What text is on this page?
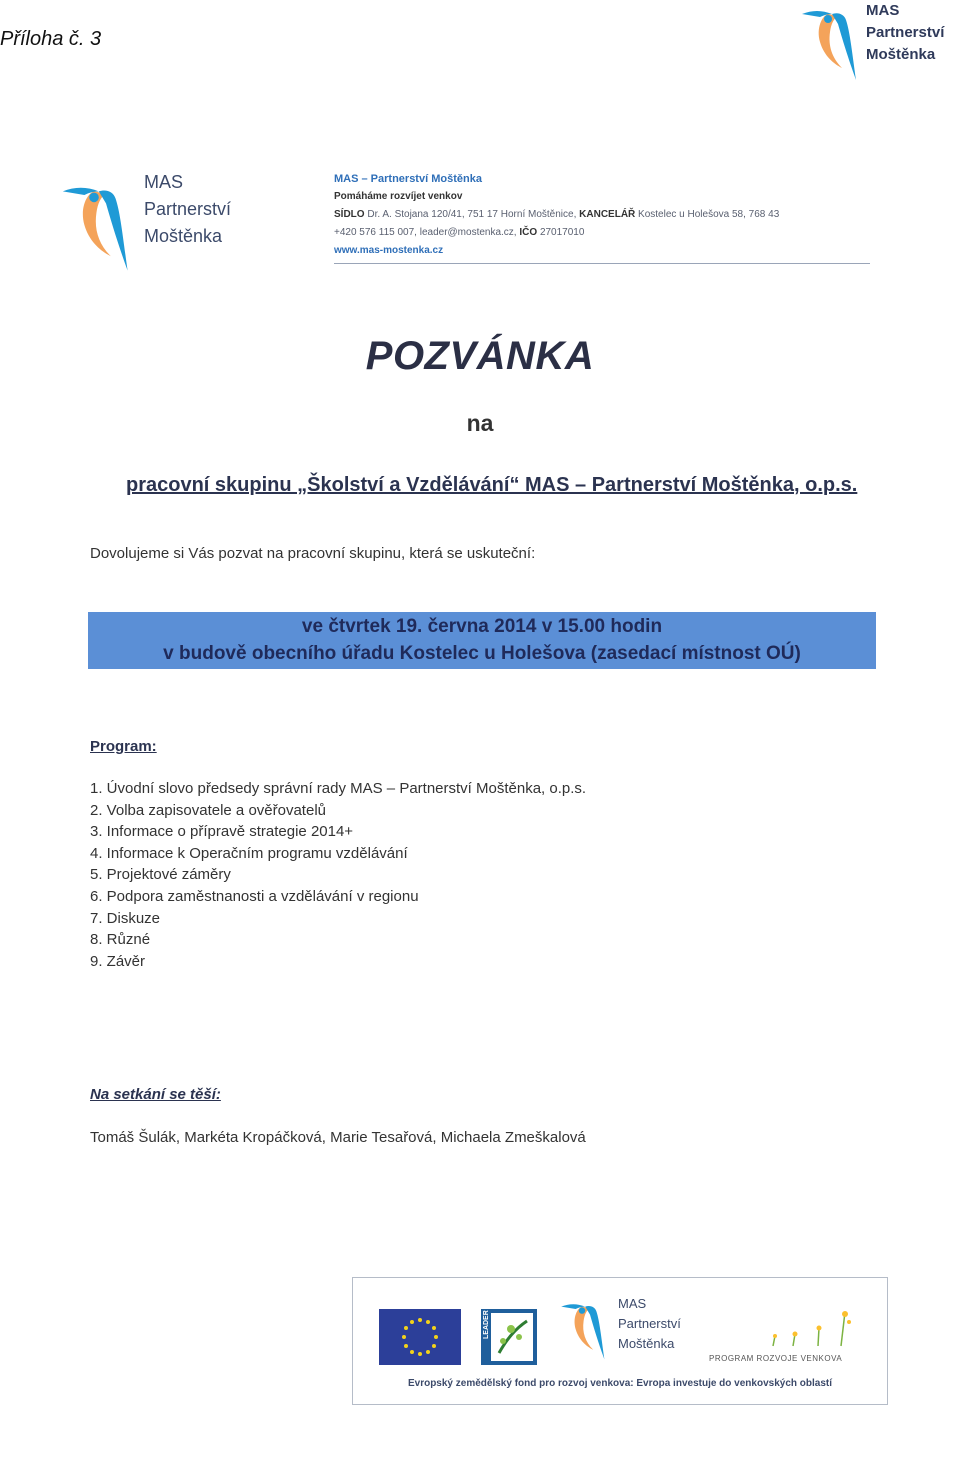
Příloha č. 3
MAS
Partnerství
Moštěnka
MAS
Partnerství
Moštěnka
MAS – Partnerství Moštěnka
Pomáháme rozvíjet venkov
SÍDLO Dr. A. Stojana 120/41, 751 17 Horní Moštěnice, KANCELÁŘ Kostelec u Holešova 58, 768 43
+420 576 115 007, leader@mostenka.cz, IČO 27017010
www.mas-mostenka.cz
POZVÁNKA
na
pracovní skupinu „Školství a Vzdělávání“ MAS – Partnerství Moštěnka, o.p.s.
Dovolujeme si Vás pozvat na pracovní skupinu, která se uskuteční:
ve čtvrtek 19. června 2014 v 15.00 hodin
v budově obecního úřadu Kostelec u Holešova (zasedací místnost OÚ)
Program:
1. Úvodní slovo předsedy správní rady MAS – Partnerství Moštěnka, o.p.s.
2. Volba zapisovatele a ověřovatelů
3. Informace o přípravě strategie 2014+
4. Informace k Operačním programu vzdělávání
5. Projektové záměry
6. Podpora zaměstnanosti a vzdělávání v regionu
7. Diskuze
8. Různé
9. Závěr
Na setkání se těší:
Tomáš Šulák, Markéta Kropáčková, Marie Tesařová, Michaela Zmeškalová
LEADER
MAS
Partnerství
Moštěnka
PROGRAM ROZVOJE VENKOVA
Evropský zemědělský fond pro rozvoj venkova: Evropa investuje do venkovských oblastí
